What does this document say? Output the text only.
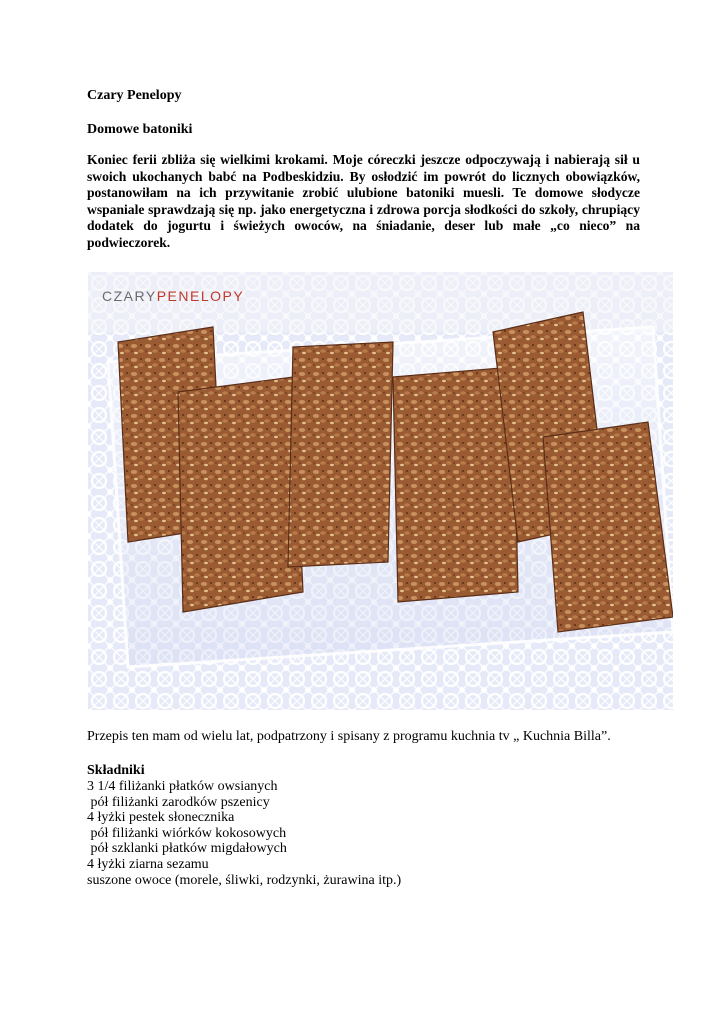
Czary Penelopy
Domowe batoniki

Koniec ferii zbliża się wielkimi krokami. Moje córeczki jeszcze odpoczywają i nabierają sił u swoich ukochanych babć na Podbeskidziu. By osłodzić im powrót do licznych obowiązków, postanowiłam na ich przywitanie zrobić ulubione batoniki muesli. Te domowe słodycze wspaniale sprawdzają się np. jako energetyczna i zdrowa porcja słodkości do szkoły, chrupiący dodatek do jogurtu i świeżych owoców, na śniadanie, deser lub małe „co nieco” na podwieczorek.

CZARYPENELOPY
Przepis ten mam od wielu lat, podpatrzony i spisany z programu kuchnia tv „ Kuchnia Billa”.
Składniki
3 1/4 filiżanki płatków owsianych
pół filiżanki zarodków pszenicy
4 łyżki pestek słonecznika
pół filiżanki wiórków kokosowych
pół szklanki płatków migdałowych
4 łyżki ziarna sezamu
suszone owoce (morele, śliwki, rodzynki, żurawina itp.)
